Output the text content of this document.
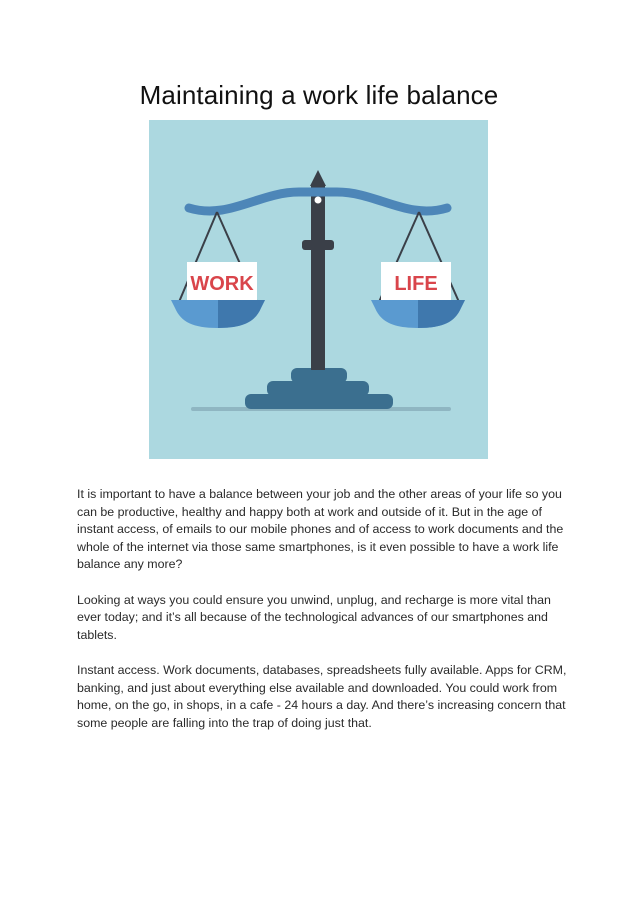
Maintaining a work life balance
WORK	LIFE

It is important to have a balance between your job and the other areas of your life so you can be productive, healthy and happy both at work and outside of it. But in the age of instant access, of emails to our mobile phones and of access to work documents and the whole of the internet via those same smartphones, is it even possible to have a work life balance any more?

Looking at ways you could ensure you unwind, unplug, and recharge is more vital than ever today; and it’s all because of the technological advances of our smartphones and tablets.

Instant access. Work documents, databases, spreadsheets fully available. Apps for CRM, banking, and just about everything else available and downloaded. You could work from home, on the go, in shops, in a cafe - 24 hours a day. And there’s increasing concern that some people are falling into the trap of doing just that.
